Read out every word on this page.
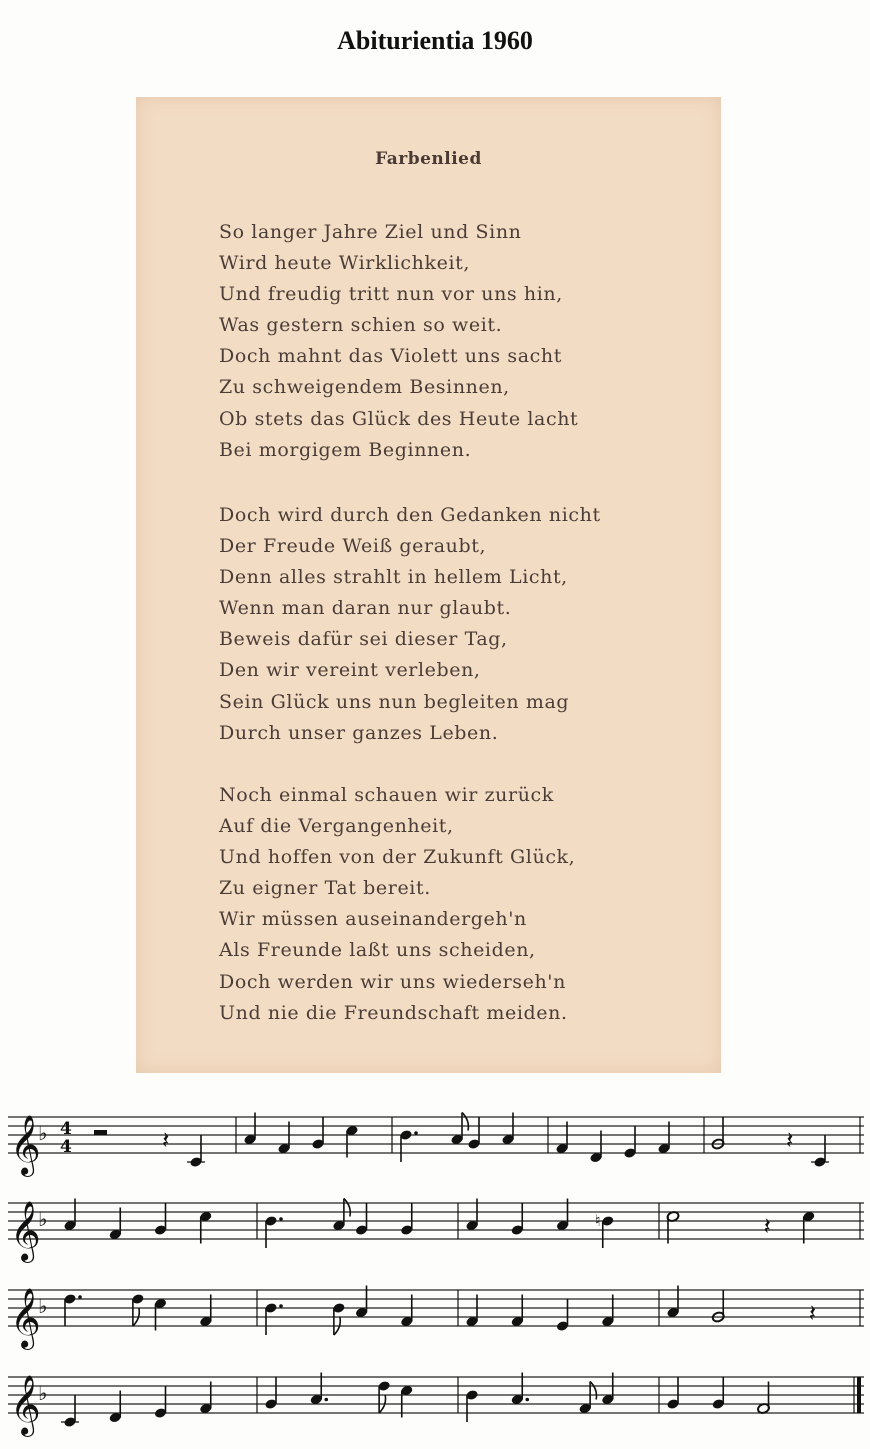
Abiturientia 1960
Farbenlied
So langer Jahre Ziel und Sinn
Wird heute Wirklichkeit,
Und freudig tritt nun vor uns hin,
Was gestern schien so weit.
Doch mahnt das Violett uns sacht
Zu schweigendem Besinnen,
Ob stets das Glück des Heute lacht
Bei morgigem Beginnen.
Doch wird durch den Gedanken nicht
Der Freude Weiß geraubt,
Denn alles strahlt in hellem Licht,
Wenn man daran nur glaubt.
Beweis dafür sei dieser Tag,
Den wir vereint verleben,
Sein Glück uns nun begleiten mag
Durch unser ganzes Leben.
Noch einmal schauen wir zurück
Auf die Vergangenheit,
Und hoffen von der Zukunft Glück,
Zu eigner Tat bereit.
Wir müssen auseinandergeh'n
Als Freunde laßt uns scheiden,
Doch werden wir uns wiederseh'n
Und nie die Freundschaft meiden.
𝄞
♭ 4
4	𝄽	𝄽
𝄞
♭	♮	𝄽
𝄞
♭	𝄽
𝄞
♭
